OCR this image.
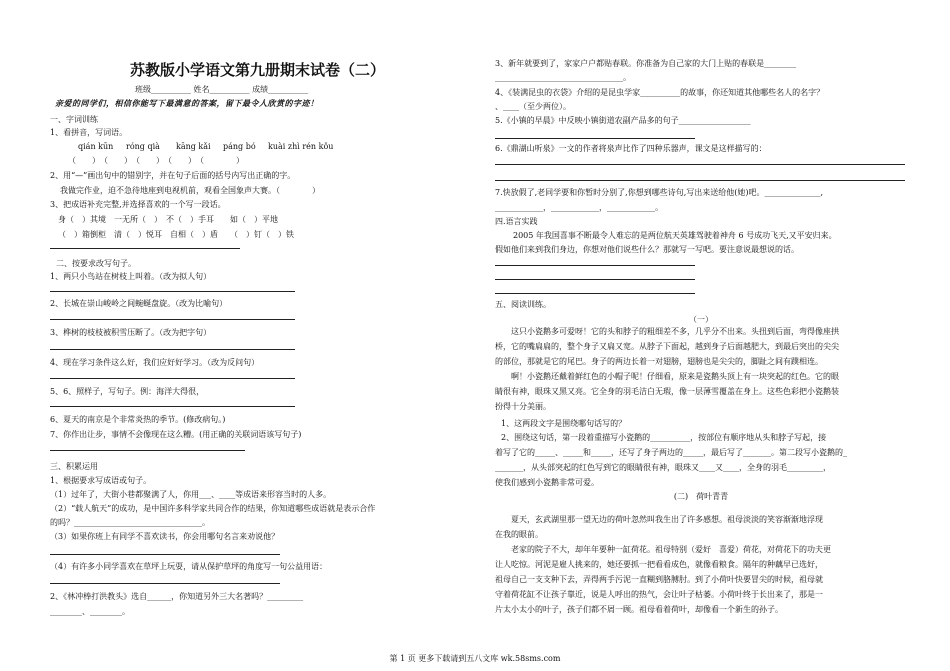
苏教版小学语文第九册期末试卷（二）
班级__________ 姓名__________ 成绩__________
亲爱的同学们，相信你能写下最满意的答案，留下最令人欣赏的字迹！
一、字词训练
1、看拼音，写词语。
qián kūn róng qià kāng kǎi páng bó kuài zhì rén kǒu
（　　）　（　　）　（　　）　（　　）　（　　　　）
2、用“—”画出句中的错别字，并在句子后面的括号内写出正确的字。
我做完作业，迫不急待地座到电视机前，观看全国象声大赛。（　　　　）
3、把成语补充完整,并选择喜欢的一个写一段话。
身（　）其境　一无所（　）　不（　）手耳　　如（　）平地
（　）箱倒柜　清（　）悦耳　自相（　）盾　　（　）钉（　）铁
二、按要求改写句子。
1、两只小鸟站在树枝上叫着。（改为拟人句）
2、长城在崇山峻岭之间蜿蜒盘旋。（改为比喻句）
3、桦树的枝枝被积雪压断了。（改为把字句）
4、现在学习条件这么好，我们应好好学习。（改为反问句）
5、6、照样子，写句子。例：海洋大得很，
6、夏天的南京是个非常炎热的季节。(修改病句。)
7、你作出让步，事情不会像现在这么糟。(用正确的关联词语该写句子)
三、积累运用
1、根据要求写成语或句子。
（1）过年了，大街小巷都聚满了人，你用___、____等成语来形容当时的人多。
（2）“载人航天”的成功，是中国许多科学家共同合作的结果，你知道哪些成语就是表示合作
的吗？________________________________。
（3）如果你班上有同学不喜欢读书，你会用哪句名言来劝说他？
（4）有许多小同学喜欢在草坪上玩耍，请从保护草坪的角度写一句公益用语：
2、《林冲棒打洪教头》选自______，你知道另外三大名著吗？_________
________、________。
3、新年就要到了，家家户户都贴春联。你准备为自己家的大门上贴的春联是________
________________________________。
4、《装满昆虫的衣袋》介绍的是昆虫学家__________的故事，你还知道其他哪些名人的名字？
、____（至少两位）。
5.《小镇的早晨》中反映小镇街道农副产品多的句子__________________
6.《鼎湖山听泉》一文的作者将泉声比作了四种乐器声，课文是这样描写的：
7.快放假了,老同学要和你暂时分别了,你想到哪些诗句,写出来送给他(她)吧。______________,
____________，____________，____________。
四.语言实践
2005 年我国喜事不断最令人难忘的是两位航天英雄驾驶着神舟 6 号成功飞天,又平安归来。
假如他们来到我们身边，你想对他们说些什么？那就写一写吧。要注意说最想说的话。
五、阅读训练。
（一）
这只小瓷鹅多可爱呀！它的头和脖子的粗细差不多，几乎分不出来。头扭到后面，弯得像座拱
桥，它的嘴扁扁的，整个身子又扁又宽。从脖子下面起，越到身子后面越肥大，到最后突出的尖尖
的部位，那就是它的尾巴。身子的两边长着一对翅膀，翅膀也是尖尖的，脚趾之间有蹼相连。
啊！小瓷鹅还戴着鲜红色的小帽子呢！仔细看，原来是瓷鹅头顶上有一块突起的红色。它的眼
睛很有神，眼珠又黑又亮。它全身的羽毛洁白无瑕，像一层薄雪覆盖在身上。这些色彩把小瓷鹅装
扮得十分美丽。
1、这两段文字是围绕哪句话写的？
2、围绕这句话，第一段着重描写小瓷鹅的__________，按部位有顺序地从头和脖子写起，接
着写了它的_____、_____和_____，还写了身子两边的_____，最后写了_______。第二段写小瓷鹅的_
_______，从头部突起的红色写到它的眼睛很有神，眼珠又____又____，全身的羽毛_________，
使我们感到小瓷鹅非常可爱。
(二)　荷叶青青
夏天，玄武湖里那一望无边的荷叶忽然叫我生出了许多感想。祖母淡淡的笑容渐渐地浮现
在我的眼前。
老家的院子不大，却年年要种一缸荷花。祖母特别（爱好　喜爱）荷花，对荷花下的功夫更
让人吃惊。河泥是雇人挑来的，她还要抓一把看看成色，就像看粮食。隔年的种藕早已选好，
祖母自己一支支种下去，弄得两手污泥一直糊到胳膊肘。到了小荷叶快要冒尖的时候，祖母就
守着荷花缸不让孩子靠近，说是人呼出的热气，会让叶子枯萎。小荷叶终于长出来了，那是一
片太小太小的叶子，孩子们都不屑一顾。祖母看着荷叶，却像看一个新生的孙子。
第 1 页 更多下载请到五八文库 wk.58sms.com
